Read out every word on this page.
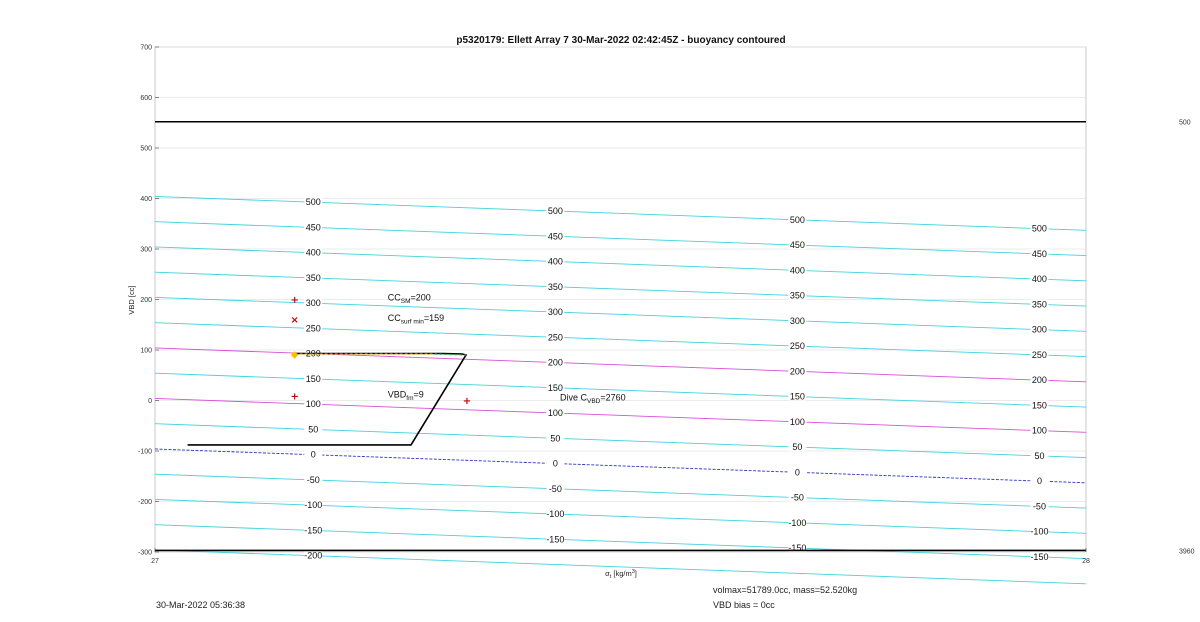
p5320179: Ellett Array 7 30-Mar-2022 02:42:45Z - buoyancy contoured
500
450
400
350
300
250
200
150
100
50
0
-50
-100
-150
-200
500
450
400
350
300
250
200
150
100
50
0
-50
-100
-150
500
450
400
350
300
250
200
150
100
50
0
-50
-100
-150
500
450
400
350
300
250
200
150
100
50
0
-50
-100
-150
500
3960
+
×
+	+
◆
$CC_{SM}=200$
$CC_{surf min}=159$
$VBD_{fm}=9$	Dive $C_{VBD}=2760$
700
600
500
400
300
200
100
0
-100
-200
-300
27	28
VBD [cc]
$\sigma_t$ $[kg/m^3]$
30-Mar-2022 05:36:38
volmax=51789.0cc, mass=52.520kg
VBD bias = 0cc
